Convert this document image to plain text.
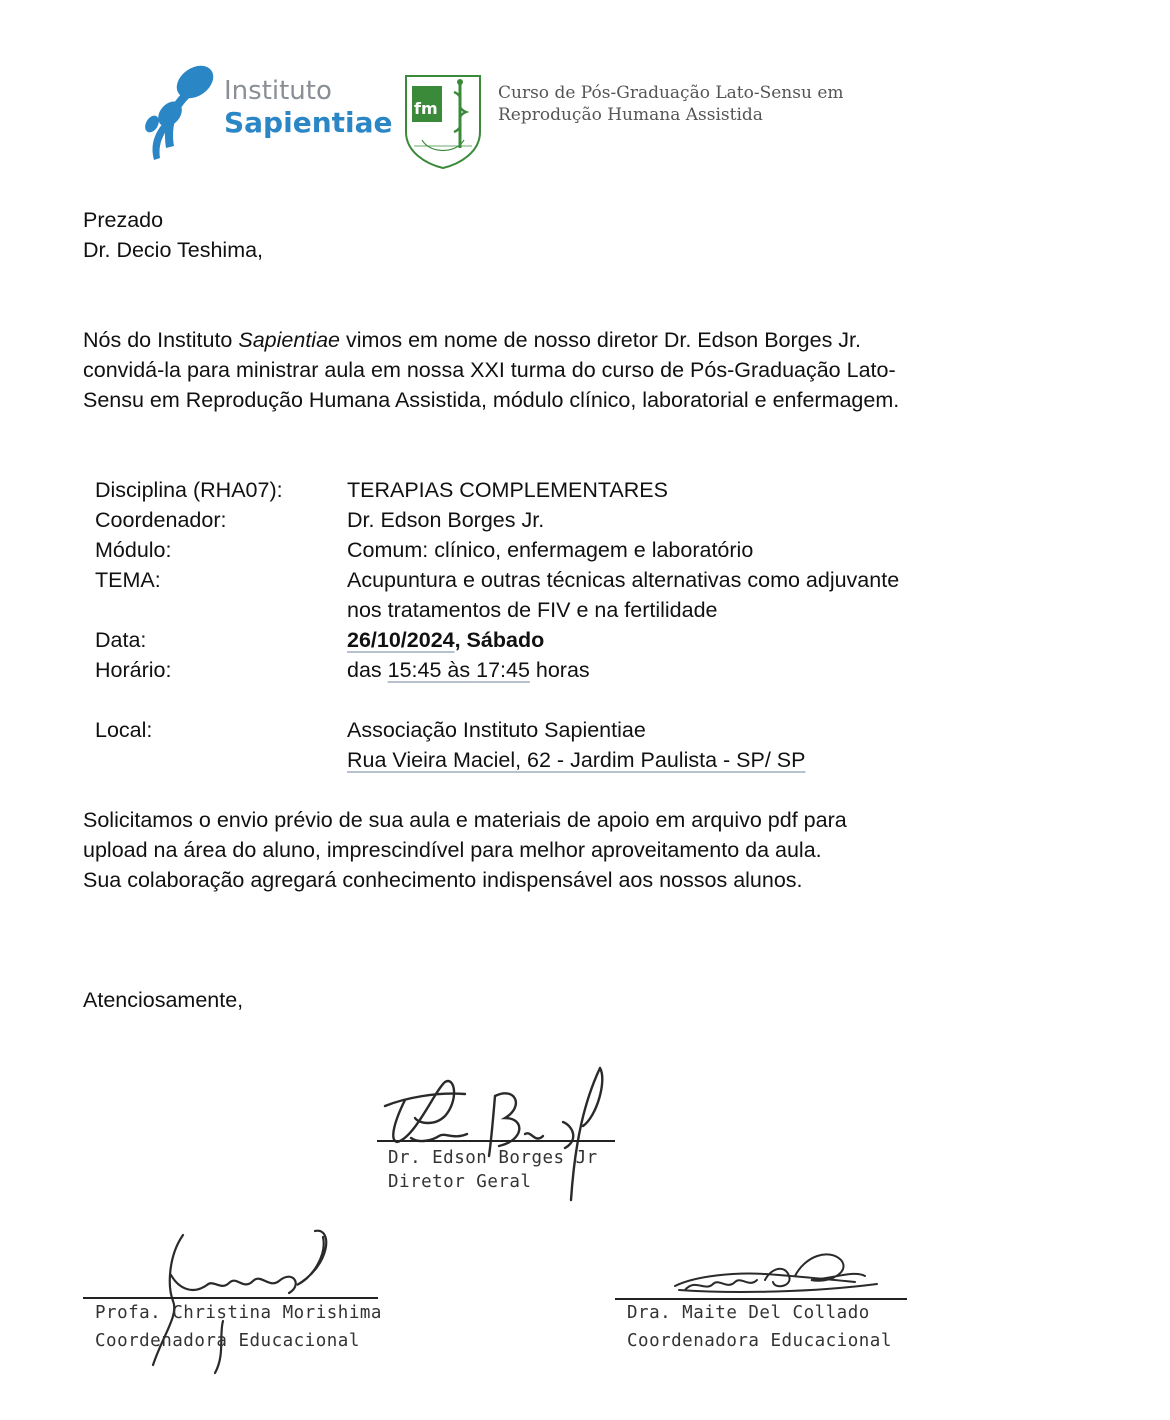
Instituto
Sapientiae fm
Curso de Pós-Graduação Lato-Sensu em
Reprodução Humana Assistida
Prezado
Dr. Decio Teshima,
Nós do Instituto Sapientiae vimos em nome de nosso diretor Dr. Edson Borges Jr.
convidá-la para ministrar aula em nossa XXI turma do curso de Pós-Graduação Lato-
Sensu em Reprodução Humana Assistida, módulo clínico, laboratorial e enfermagem.
Disciplina (RHA07):	TERAPIAS COMPLEMENTARES
Coordenador:	Dr. Edson Borges Jr.
Módulo:	Comum: clínico, enfermagem e laboratório
TEMA:	Acupuntura e outras técnicas alternativas como adjuvante
nos tratamentos de FIV e na fertilidade
Data:	26/10/2024, Sábado
Horário:	das 15:45 às 17:45 horas
Local:	Associação Instituto Sapientiae
Rua Vieira Maciel, 62 - Jardim Paulista - SP/ SP
Solicitamos o envio prévio de sua aula e materiais de apoio em arquivo pdf para
upload na área do aluno, imprescindível para melhor aproveitamento da aula.
Sua colaboração agregará conhecimento indispensável aos nossos alunos.
Atenciosamente,
Dr. Edson Borges Jr
Diretor Geral
Profa. Christina Morishima
Coordenadora Educacional
Dra. Maite Del Collado
Coordenadora Educacional
